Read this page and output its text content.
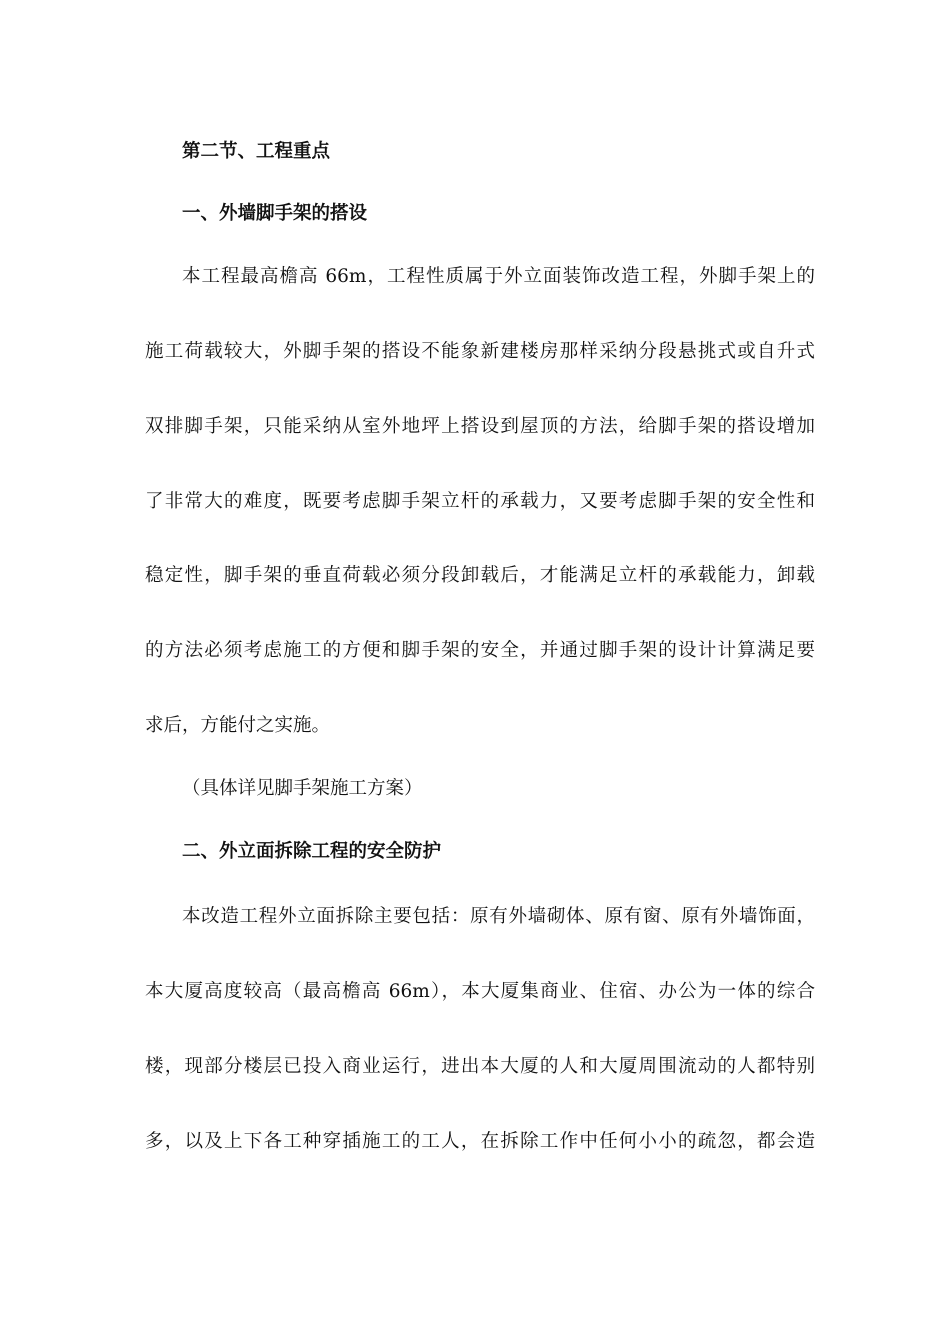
第二节、工程重点
一、外墙脚手架的搭设
本工程最高檐高 66m，工程性质属于外立面装饰改造工程，外脚手架上的
施工荷载较大，外脚手架的搭设不能象新建楼房那样采纳分段悬挑式或自升式
双排脚手架，只能采纳从室外地坪上搭设到屋顶的方法，给脚手架的搭设增加
了非常大的难度，既要考虑脚手架立杆的承载力，又要考虑脚手架的安全性和
稳定性，脚手架的垂直荷载必须分段卸载后，才能满足立杆的承载能力，卸载
的方法必须考虑施工的方便和脚手架的安全，并通过脚手架的设计计算满足要
求后，方能付之实施。
（具体详见脚手架施工方案）
二、外立面拆除工程的安全防护
本改造工程外立面拆除主要包括：原有外墙砌体、原有窗、原有外墙饰面，
本大厦高度较高（最高檐高 66m），本大厦集商业、住宿、办公为一体的综合
楼，现部分楼层已投入商业运行，进出本大厦的人和大厦周围流动的人都特别
多，以及上下各工种穿插施工的工人，在拆除工作中任何小小的疏忽，都会造
